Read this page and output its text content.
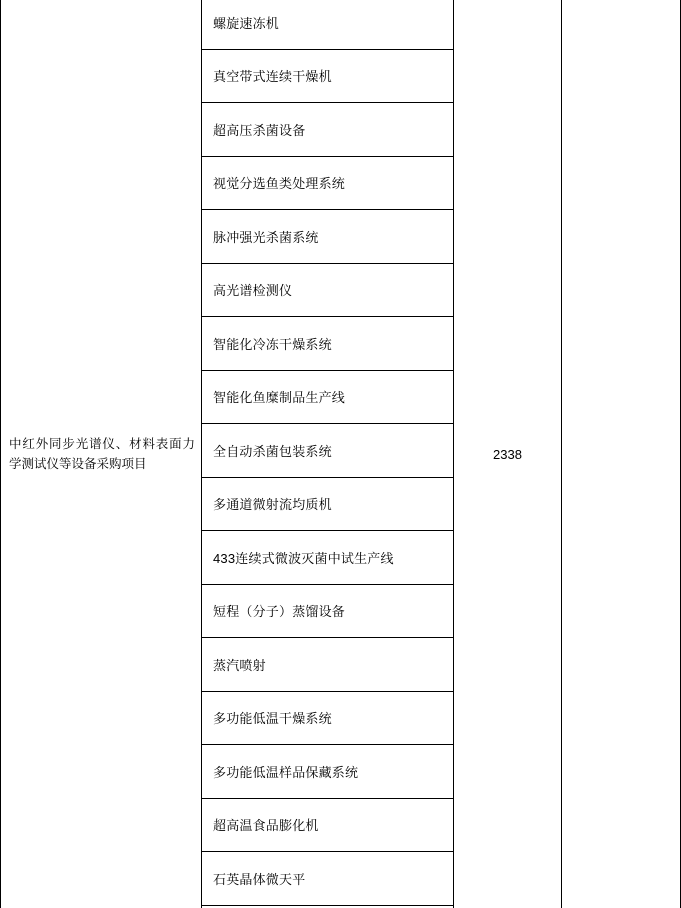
中红外同步光谱仪、材料表面力学测试仪等设备采购项目
2338
螺旋速冻机
真空带式连续干燥机
超高压杀菌设备
视觉分选鱼类处理系统
脉冲强光杀菌系统
高光谱检测仪
智能化冷冻干燥系统
智能化鱼糜制品生产线
全自动杀菌包装系统
多通道微射流均质机
433连续式微波灭菌中试生产线
短程（分子）蒸馏设备
蒸汽喷射
多功能低温干燥系统
多功能低温样品保藏系统
超高温食品膨化机
石英晶体微天平
